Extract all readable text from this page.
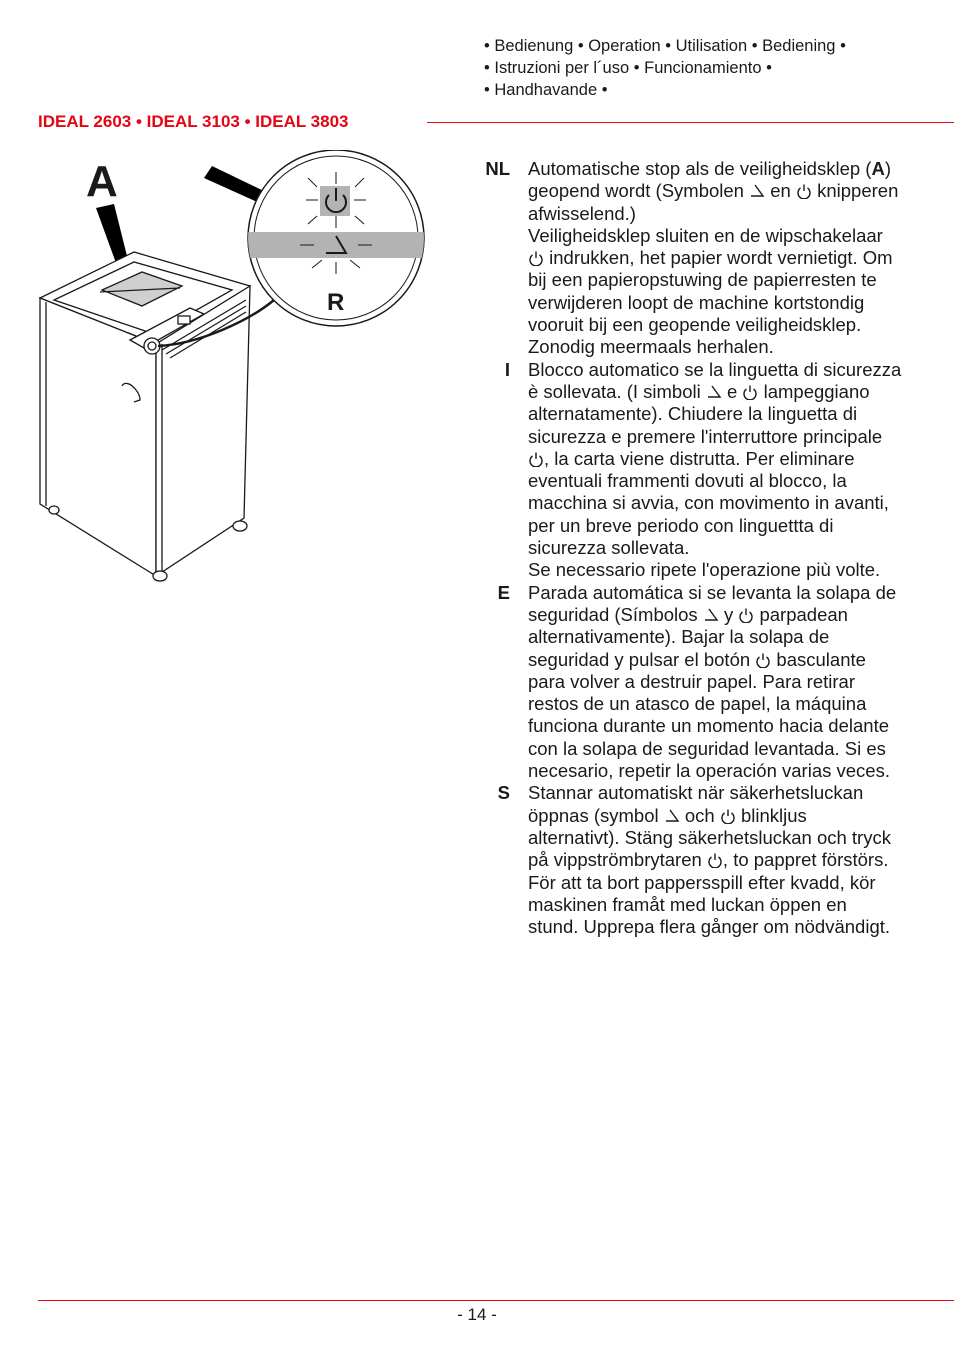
• Bedienung • Operation • Utilisation • Bediening •
• Istruzioni per l´uso • Funcionamiento •
• Handhavande •
IDEAL 2603 • IDEAL 3103 • IDEAL 3803
A
R
NL Automatische stop als de veiligheidsklep (A) geopend wordt (Symbolen
en
knipperen afwisselend.)

Veiligheidsklep sluiten en de wipschakelaar
indrukken, het papier wordt vernietigt. Om bij een papieropstuwing de papierresten te verwijderen loopt de machine kortstondig vooruit bij een geopende veiligheidsklep. Zonodig meermaals herhalen.

I Blocco automatico se la linguetta di sicurezza è sollevata. (I simboli
e
lampeggiano alternatamente). Chiudere la linguetta di sicurezza e premere l'interruttore principale
, la carta viene distrutta. Per eliminare eventuali frammenti dovuti al blocco, la macchina si avvia, con movimento in avanti, per un breve periodo con linguettta di sicurezza sollevata.

Se necessario ripete l'operazione più volte.

E Parada automática si se levanta la solapa de seguridad (Símbolos
y
parpadean alternativamente). Bajar la solapa de seguridad y pulsar el botón
basculante para volver a destruir papel. Para retirar restos de un atasco de papel, la máquina funciona durante un momento hacia delante con la solapa de seguridad levantada. Si es necesario, repetir la operación varias veces.

S Stannar automatiskt när säkerhetsluckan öppnas (symbol
och
blinkljus alternativt). Stäng säkerhetsluckan och tryck på vippströmbrytaren
, to pappret förstörs. För att ta bort pappersspill efter kvadd, kör maskinen framåt med luckan öppen en stund. Upprepa flera gånger om nödvändigt.

- 14 -
